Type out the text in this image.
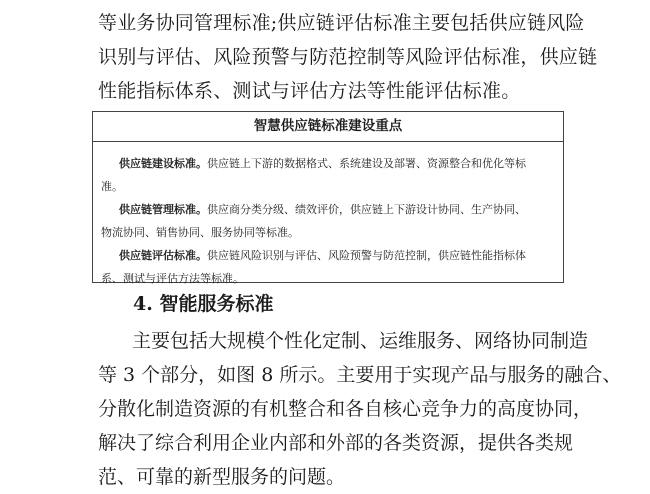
等业务协同管理标准;供应链评估标准主要包括供应链风险
识别与评估、风险预警与防范控制等风险评估标准，供应链
性能指标体系、测试与评估方法等性能评估标准。
智慧供应链标准建设重点
供应链建设标准。供应链上下游的数据格式、系统建设及部署、资源整合和优化等标
准。
供应链管理标准。供应商分类分级、绩效评价，供应链上下游设计协同、生产协同、
物流协同、销售协同、服务协同等标准。
供应链评估标准。供应链风险识别与评估、风险预警与防范控制，供应链性能指标体
系、测试与评估方法等标准。
4. 智能服务标准
主要包括大规模个性化定制、运维服务、网络协同制造
等 3 个部分，如图 8 所示。主要用于实现产品与服务的融合、
分散化制造资源的有机整合和各自核心竞争力的高度协同，
解决了综合利用企业内部和外部的各类资源，提供各类规
范、可靠的新型服务的问题。
